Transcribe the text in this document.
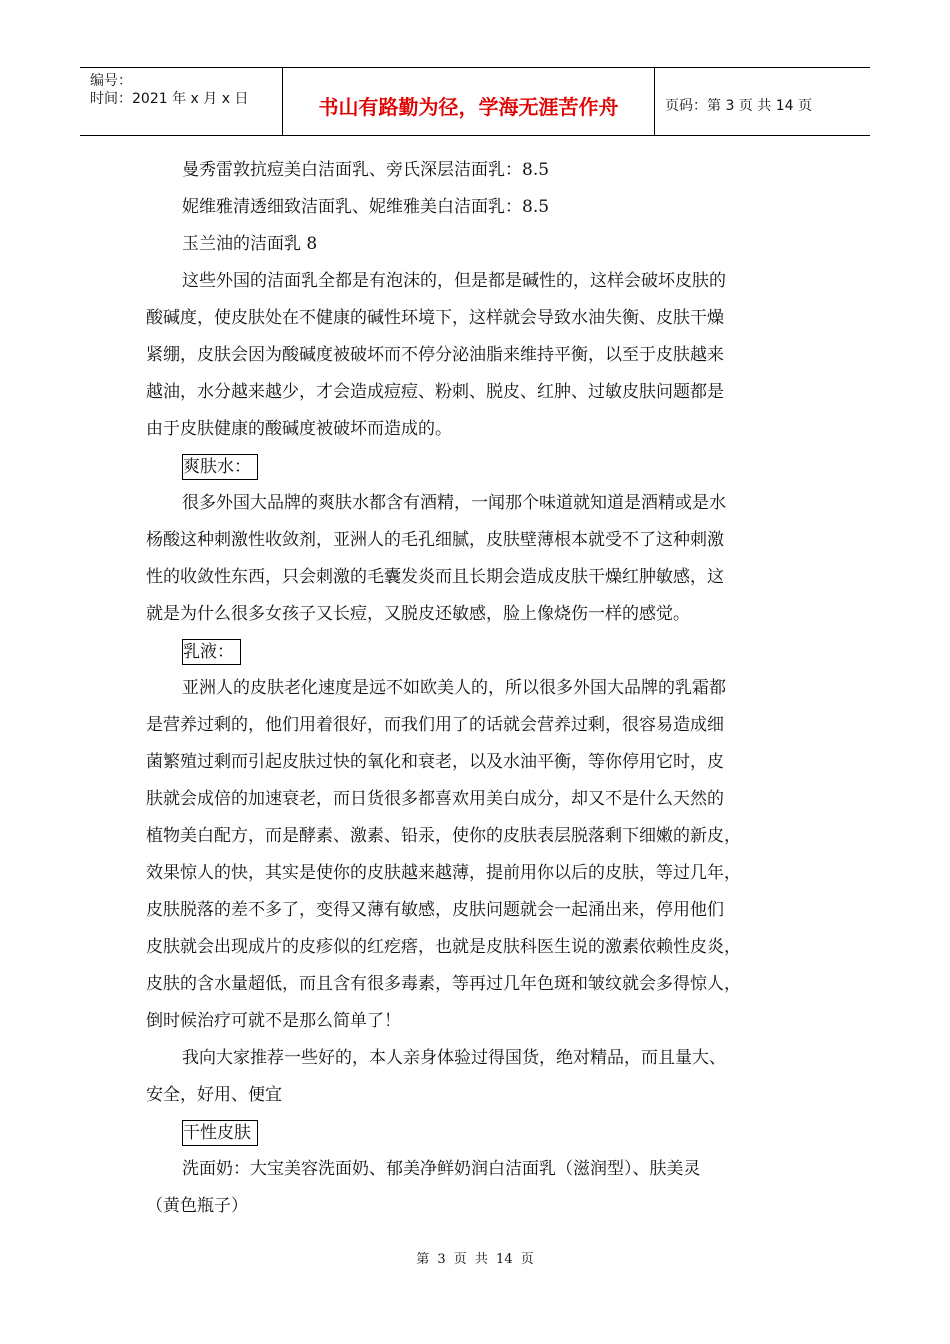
编号：
时间：2021 年 x 月 x 日	书山有路勤为径，学海无涯苦作舟	页码：第 3 页 共 14 页

曼秀雷敦抗痘美白洁面乳、旁氏深层洁面乳：8.5

妮维雅清透细致洁面乳、妮维雅美白洁面乳：8.5

玉兰油的洁面乳 8

这些外国的洁面乳全都是有泡沫的，但是都是碱性的，这样会破坏皮肤的

酸碱度，使皮肤处在不健康的碱性环境下，这样就会导致水油失衡、皮肤干燥

紧绷，皮肤会因为酸碱度被破坏而不停分泌油脂来维持平衡，以至于皮肤越来

越油，水分越来越少，才会造成痘痘、粉刺、脱皮、红肿、过敏皮肤问题都是

由于皮肤健康的酸碱度被破坏而造成的。

爽肤水：

很多外国大品牌的爽肤水都含有酒精，一闻那个味道就知道是酒精或是水

杨酸这种刺激性收敛剂，亚洲人的毛孔细腻，皮肤壁薄根本就受不了这种刺激

性的收敛性东西，只会刺激的毛囊发炎而且长期会造成皮肤干燥红肿敏感，这

就是为什么很多女孩子又长痘，又脱皮还敏感，脸上像烧伤一样的感觉。

乳液：

亚洲人的皮肤老化速度是远不如欧美人的，所以很多外国大品牌的乳霜都

是营养过剩的，他们用着很好，而我们用了的话就会营养过剩，很容易造成细

菌繁殖过剩而引起皮肤过快的氧化和衰老，以及水油平衡，等你停用它时，皮

肤就会成倍的加速衰老，而日货很多都喜欢用美白成分，却又不是什么天然的

植物美白配方，而是酵素、激素、铅汞，使你的皮肤表层脱落剩下细嫩的新皮，

效果惊人的快，其实是使你的皮肤越来越薄，提前用你以后的皮肤，等过几年，

皮肤脱落的差不多了，变得又薄有敏感，皮肤问题就会一起涌出来，停用他们

皮肤就会出现成片的皮疹似的红疙瘩，也就是皮肤科医生说的激素依赖性皮炎，

皮肤的含水量超低，而且含有很多毒素，等再过几年色斑和皱纹就会多得惊人，

倒时候治疗可就不是那么简单了！

我向大家推荐一些好的，本人亲身体验过得国货，绝对精品，而且量大、

安全，好用、便宜

干性皮肤

洗面奶：大宝美容洗面奶、郁美净鲜奶润白洁面乳（滋润型）、肤美灵

（黄色瓶子）

第 3 页 共 14 页
